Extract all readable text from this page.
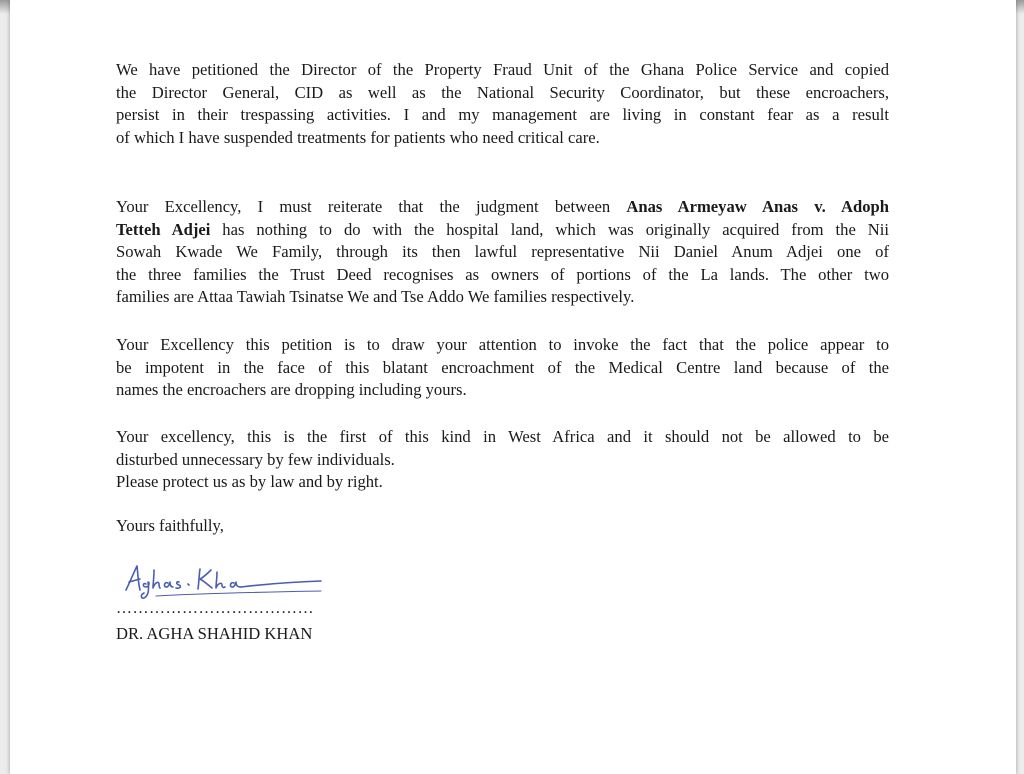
We have petitioned the Director of the Property Fraud Unit of the Ghana Police Service and copied
the Director General, CID as well as the National Security Coordinator, but these encroachers,
persist in their trespassing activities. I and my management are living in constant fear as a result
of which I have suspended treatments for patients who need critical care.
Your Excellency, I must reiterate that the judgment between Anas Armeyaw Anas v. Adoph
Tetteh Adjei has nothing to do with the hospital land, which was originally acquired from the Nii
Sowah Kwade We Family, through its then lawful representative Nii Daniel Anum Adjei one of
the three families the Trust Deed recognises as owners of portions of the La lands. The other two
families are Attaa Tawiah Tsinatse We and Tse Addo We families respectively.
Your Excellency this petition is to draw your attention to invoke the fact that the police appear to
be impotent in the face of this blatant encroachment of the Medical Centre land because of the
names the encroachers are dropping including yours.
Your excellency, this is the first of this kind in West Africa and it should not be allowed to be
disturbed unnecessary by few individuals.
Please protect us as by law and by right.
Yours faithfully,
………………………………
DR. AGHA SHAHID KHAN
